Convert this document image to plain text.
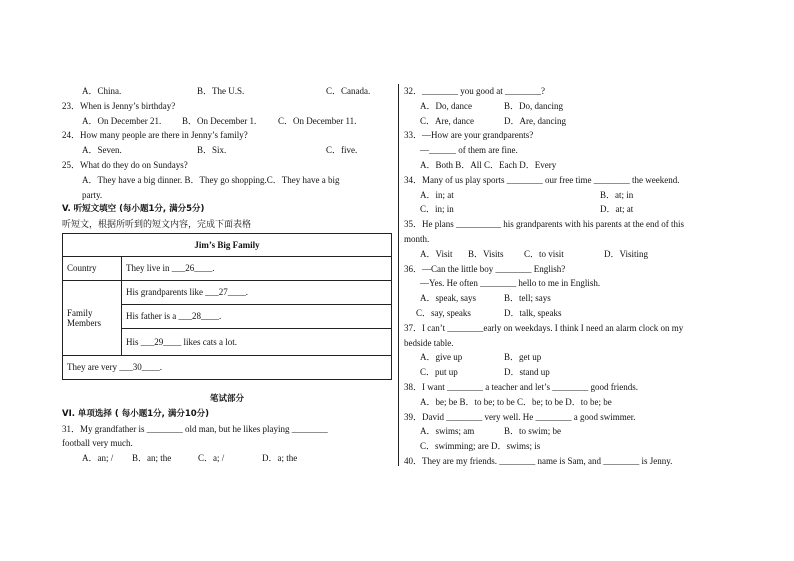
A．China.	B．The U.S.	C．Canada.
23．When is Jenny’s birthday?
A．On December 21. B．On December 1. C．On December 11.
24．How many people are there in Jenny’s family?
A．Seven.	B．Six.	C．five.
25．What do they do on Sundays?
A．They have a big dinner. B．They go shopping.C．They have a big
party.
V. 听短文填空 (每小题1分, 满分5分)
听短文，根据所听到的短文内容，完成下面表格
Jim’s Big Family	
Country	They live in ___26____.
Family Members	His grandparents like ___27____.
	His father is a ___28____.
	His ___29____ likes cats a lot.
They are very ___30____.	
笔试部分
VI. 单项选择 ( 每小题1分, 满分10分)
31．My grandfather is ________ old man, but he likes playing ________
football very much.
A．an; / B．an; the	C．a; /	D．a; the
32．________ you good at ________?
A．Do, dance	B．Do, dancing
C．Are, dance	D．Are, dancing
33．—How are your grandparents?
—______ of them are fine.
A．Both B．All C．Each D．Every
34．Many of us play sports ________ our free time ________ the weekend.
A．in; at	B．at; in
C．in; in	D．at; at
35．He plans __________ his grandparents with his parents at the end of this
month.
A．Visit B．Visits C．to visit	D．Visiting
36．—Can the little boy ________ English?
—Yes. He often ________ hello to me in English.
A．speak, says	B．tell; says
C．say, speaks	D．talk, speaks
37．I can’t ________early on weekdays. I think I need an alarm clock on my
bedside table.
A．give up	B．get up
C．put up	D．stand up
38．I want ________ a teacher and let’s ________ good friends.
A．be; be B．to be; to be C．be; to be D．to be; be
39．David ________ very well. He ________ a good swimmer.
A．swims; am	B．to swim; be
C．swimming; are D．swims; is
40．They are my friends. ________ name is Sam, and ________ is Jenny.
